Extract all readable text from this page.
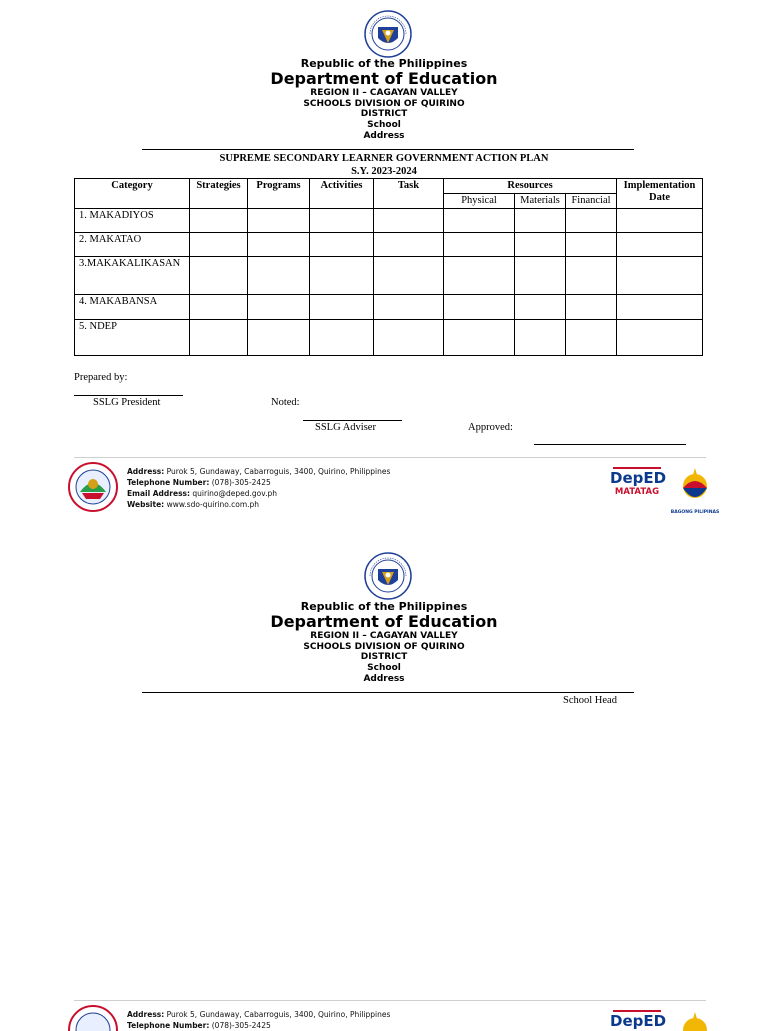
Republic of the Philippines
Department of Education
REGION II – CAGAYAN VALLEY
SCHOOLS DIVISION OF QUIRINO
DISTRICT
School
Address
SUPREME SECONDARY LEARNER GOVERNMENT ACTION PLAN
S.Y. 2023-2024
Category	Strategies	Programs	Activities	Task	Resources			Implementation Date
					Physical	Materials	Financial	
1. MAKADIYOS								
2. MAKATAO								
3.MAKAKALIKASAN								
4. MAKABANSA								
5. NDEP								
Prepared by:
SSLG President	Noted:
SSLG Adviser	Approved:
Address: Purok 5, Gundaway, Cabarroguis, 3400, Quirino, Philippines
Telephone Number: (078)-305-2425
Email Address: quirino@deped.gov.ph
Website: www.sdo-quirino.com.ph
DepED
MATATAG
BAGONG PILIPINAS
Republic of the Philippines
Department of Education
REGION II – CAGAYAN VALLEY
SCHOOLS DIVISION OF QUIRINO
DISTRICT
School
Address
School Head
Address: Purok 5, Gundaway, Cabarroguis, 3400, Quirino, Philippines
Telephone Number: (078)-305-2425	DepED
